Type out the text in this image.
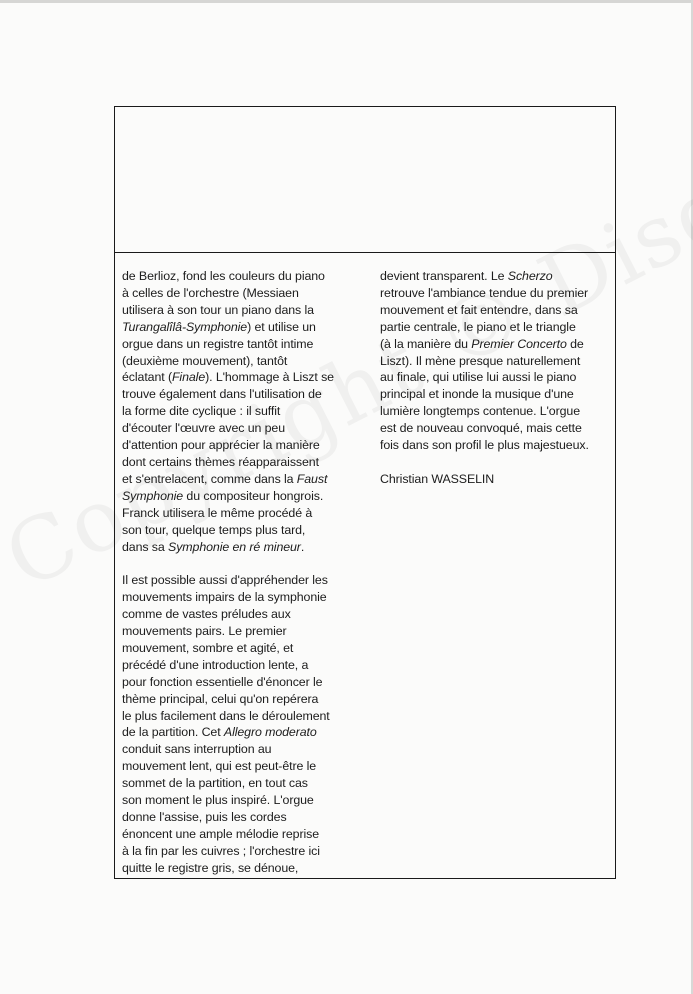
de Berlioz, fond les couleurs du piano
à celles de l'orchestre (Messiaen
utilisera à son tour un piano dans la
Turangalîlâ-Symphonie) et utilise un
orgue dans un registre tantôt intime
(deuxième mouvement), tantôt
éclatant (Finale). L'hommage à Liszt se
trouve également dans l'utilisation de
la forme dite cyclique : il suffit
d'écouter l'œuvre avec un peu
d'attention pour apprécier la manière
dont certains thèmes réapparaissent
et s'entrelacent, comme dans la Faust
Symphonie du compositeur hongrois.
Franck utilisera le même procédé à
son tour, quelque temps plus tard,
dans sa Symphonie en ré mineur.
Il est possible aussi d'appréhender les
mouvements impairs de la symphonie
comme de vastes préludes aux
mouvements pairs. Le premier
mouvement, sombre et agité, et
précédé d'une introduction lente, a
pour fonction essentielle d'énoncer le
thème principal, celui qu'on repérera
le plus facilement dans le déroulement
de la partition. Cet Allegro moderato
conduit sans interruption au
mouvement lent, qui est peut-être le
sommet de la partition, en tout cas
son moment le plus inspiré. L'orgue
donne l'assise, puis les cordes
énoncent une ample mélodie reprise
à la fin par les cuivres ; l'orchestre ici
quitte le registre gris, se dénoue,
devient transparent. Le Scherzo
retrouve l'ambiance tendue du premier
mouvement et fait entendre, dans sa
partie centrale, le piano et le triangle
(à la manière du Premier Concerto de
Liszt). Il mène presque naturellement
au finale, qui utilise lui aussi le piano
principal et inonde la musique d'une
lumière longtemps contenue. L'orgue
est de nouveau convoqué, mais cette
fois dans son profil le plus majestueux.
Christian WASSELIN
